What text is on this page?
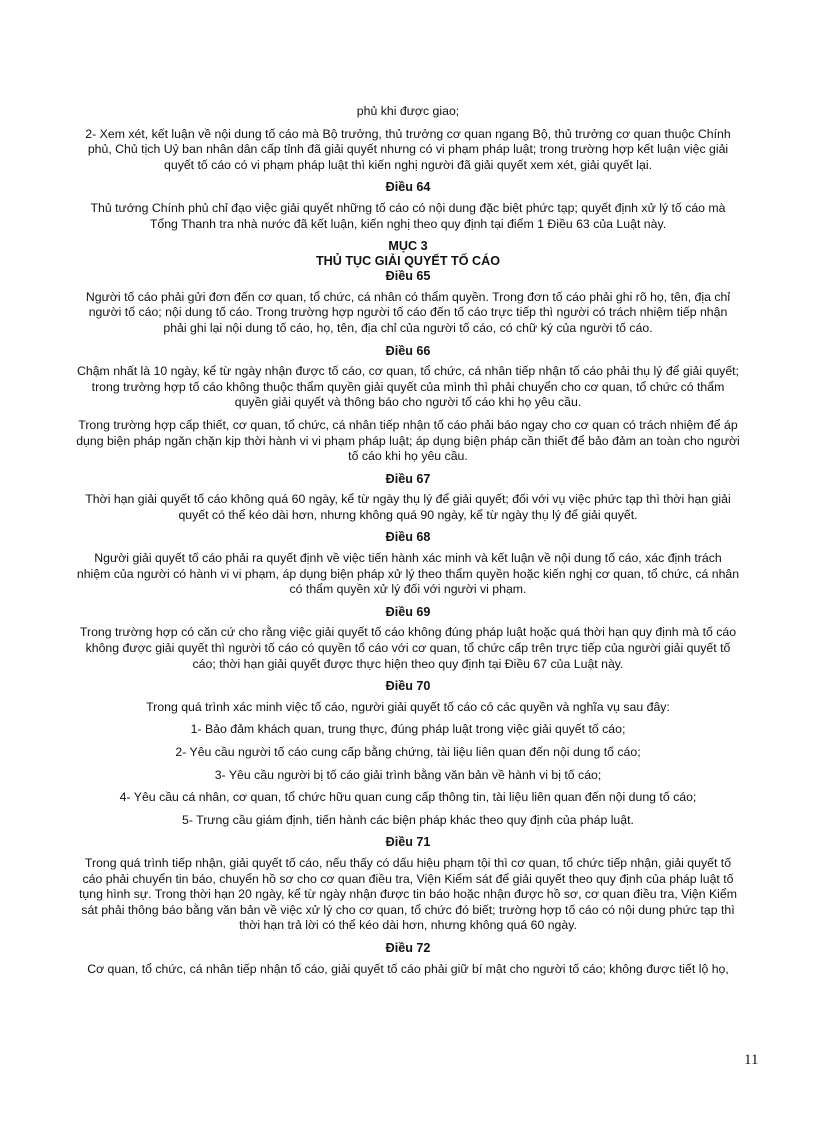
phủ khi được giao;
2- Xem xét, kết luận về nội dung tố cáo mà Bộ trưởng, thủ trưởng cơ quan ngang Bộ, thủ trưởng cơ quan thuộc Chính phủ, Chủ tịch Uỷ ban nhân dân cấp tỉnh đã giải quyết nhưng có vi phạm pháp luật; trong trường hợp kết luận việc giải quyết tố cáo có vi phạm pháp luật thì kiến nghị người đã giải quyết xem xét, giải quyết lại.
Điều 64
Thủ tướng Chính phủ chỉ đạo việc giải quyết những tố cáo có nội dung đặc biệt phức tạp; quyết định xử lý tố cáo mà Tổng Thanh tra nhà nước đã kết luận, kiến nghị theo quy định tại điểm 1 Điều 63 của Luật này.
MỤC 3
THỦ TỤC GIẢI QUYẾT TỐ CÁO
Điều 65
Người tố cáo phải gửi đơn đến cơ quan, tổ chức, cá nhân có thẩm quyền. Trong đơn tố cáo phải ghi rõ họ, tên, địa chỉ người tố cáo; nội dung tố cáo. Trong trường hợp người tố cáo đến tố cáo trực tiếp thì người có trách nhiệm tiếp nhận phải ghi lại nội dung tố cáo, họ, tên, địa chỉ của người tố cáo, có chữ ký của người tố cáo.
Điều 66
Chậm nhất là 10 ngày, kể từ ngày nhận được tố cáo, cơ quan, tổ chức, cá nhân tiếp nhận tố cáo phải thụ lý để giải quyết; trong trường hợp tố cáo không thuộc thẩm quyền giải quyết của mình thì phải chuyển cho cơ quan, tổ chức có thẩm quyền giải quyết và thông báo cho người tố cáo khi họ yêu cầu.
Trong trường hợp cấp thiết, cơ quan, tổ chức, cá nhân tiếp nhận tố cáo phải báo ngay cho cơ quan có trách nhiệm để áp dụng biện pháp ngăn chặn kịp thời hành vi vi phạm pháp luật; áp dụng biện pháp cần thiết để bảo đảm an toàn cho người tố cáo khi họ yêu cầu.
Điều 67
Thời hạn giải quyết tố cáo không quá 60 ngày, kể từ ngày thụ lý để giải quyết; đối với vụ việc phức tạp thì thời hạn giải quyết có thể kéo dài hơn, nhưng không quá 90 ngày, kể từ ngày thụ lý để giải quyết.
Điều 68
Người giải quyết tố cáo phải ra quyết định về việc tiến hành xác minh và kết luận về nội dung tố cáo, xác định trách nhiệm của người có hành vi vi phạm, áp dụng biện pháp xử lý theo thẩm quyền hoặc kiến nghị cơ quan, tổ chức, cá nhân có thẩm quyền xử lý đối với người vi phạm.
Điều 69
Trong trường hợp có căn cứ cho rằng việc giải quyết tố cáo không đúng pháp luật hoặc quá thời hạn quy định mà tố cáo không được giải quyết thì người tố cáo có quyền tố cáo với cơ quan, tổ chức cấp trên trực tiếp của người giải quyết tố cáo; thời hạn giải quyết được thực hiện theo quy định tại Điều 67 của Luật này.
Điều 70
Trong quá trình xác minh việc tố cáo, người giải quyết tố cáo có các quyền và nghĩa vụ sau đây:
1- Bảo đảm khách quan, trung thực, đúng pháp luật trong việc giải quyết tố cáo;
2- Yêu cầu người tố cáo cung cấp bằng chứng, tài liệu liên quan đến nội dung tố cáo;
3- Yêu cầu người bị tố cáo giải trình bằng văn bản về hành vi bị tố cáo;
4- Yêu cầu cá nhân, cơ quan, tổ chức hữu quan cung cấp thông tin, tài liệu liên quan đến nội dung tố cáo;
5- Trưng cầu giám định, tiến hành các biện pháp khác theo quy định của pháp luật.
Điều 71
Trong quá trình tiếp nhận, giải quyết tố cáo, nếu thấy có dấu hiệu phạm tội thì cơ quan, tổ chức tiếp nhận, giải quyết tố cáo phải chuyển tin báo, chuyển hồ sơ cho cơ quan điều tra, Viện Kiểm sát để giải quyết theo quy định của pháp luật tố tụng hình sự. Trong thời hạn 20 ngày, kể từ ngày nhận được tin báo hoặc nhận được hồ sơ, cơ quan điều tra, Viện Kiểm sát phải thông báo bằng văn bản về việc xử lý cho cơ quan, tổ chức đó biết; trường hợp tố cáo có nội dung phức tạp thì thời hạn trả lời có thể kéo dài hơn, nhưng không quá 60 ngày.
Điều 72
Cơ quan, tổ chức, cá nhân tiếp nhận tố cáo, giải quyết tố cáo phải giữ bí mật cho người tố cáo; không được tiết lộ họ,
11
